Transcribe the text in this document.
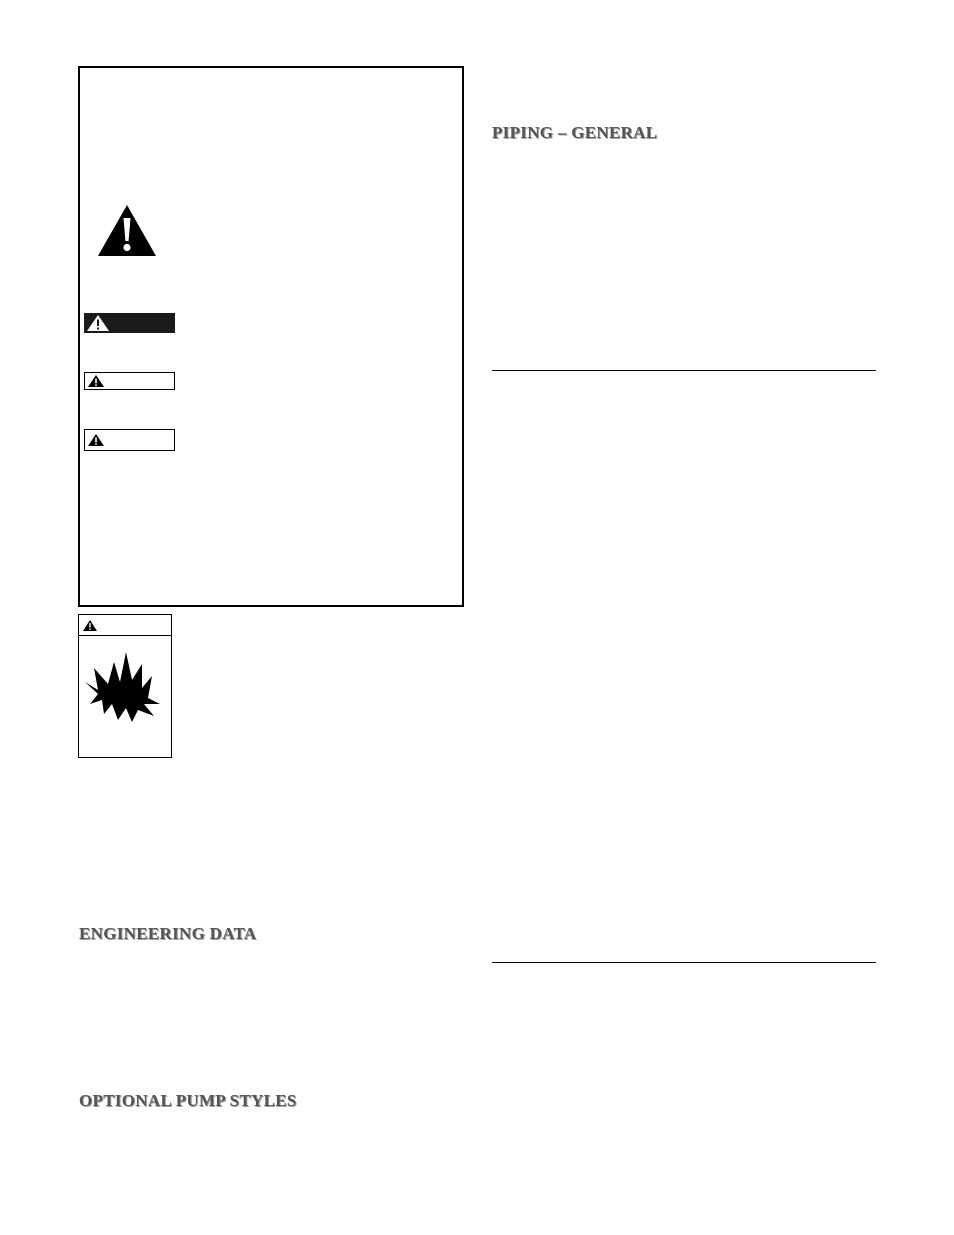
ENGINEERING DATA
OPTIONAL PUMP STYLES
PIPING – GENERAL
